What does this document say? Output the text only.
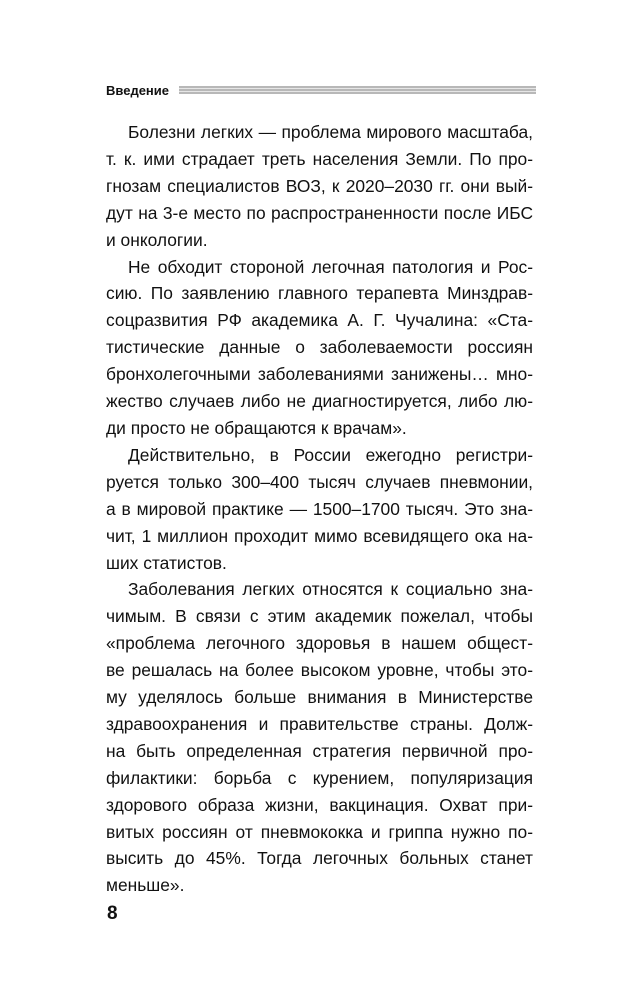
Введение
Болезни легких — проблема мирового масштаба,
т. к. ими страдает треть населения Земли. По про-
гнозам специалистов ВОЗ, к 2020–2030 гг. они вый-
дут на 3-е место по распространенности после ИБС
и онкологии.
Не обходит стороной легочная патология и Рос-
сию. По заявлению главного терапевта Минздрав-
соцразвития РФ академика А. Г. Чучалина: «Ста-
тистические данные о заболеваемости россиян
бронхолегочными заболеваниями занижены… мно-
жество случаев либо не диагностируется, либо лю-
ди просто не обращаются к врачам».
Действительно, в России ежегодно регистри-
руется только 300–400 тысяч случаев пневмонии,
а в мировой практике — 1500–1700 тысяч. Это зна-
чит, 1 миллион проходит мимо всевидящего ока на-
ших статистов.
Заболевания легких относятся к социально зна-
чимым. В связи с этим академик пожелал, чтобы
«проблема легочного здоровья в нашем общест-
ве решалась на более высоком уровне, чтобы это-
му уделялось больше внимания в Министерстве
здравоохранения и правительстве страны. Долж-
на быть определенная стратегия первичной про-
филактики: борьба с курением, популяризация
здорового образа жизни, вакцинация. Охват при-
витых россиян от пневмококка и гриппа нужно по-
высить до 45%. Тогда легочных больных станет
меньше».
8
